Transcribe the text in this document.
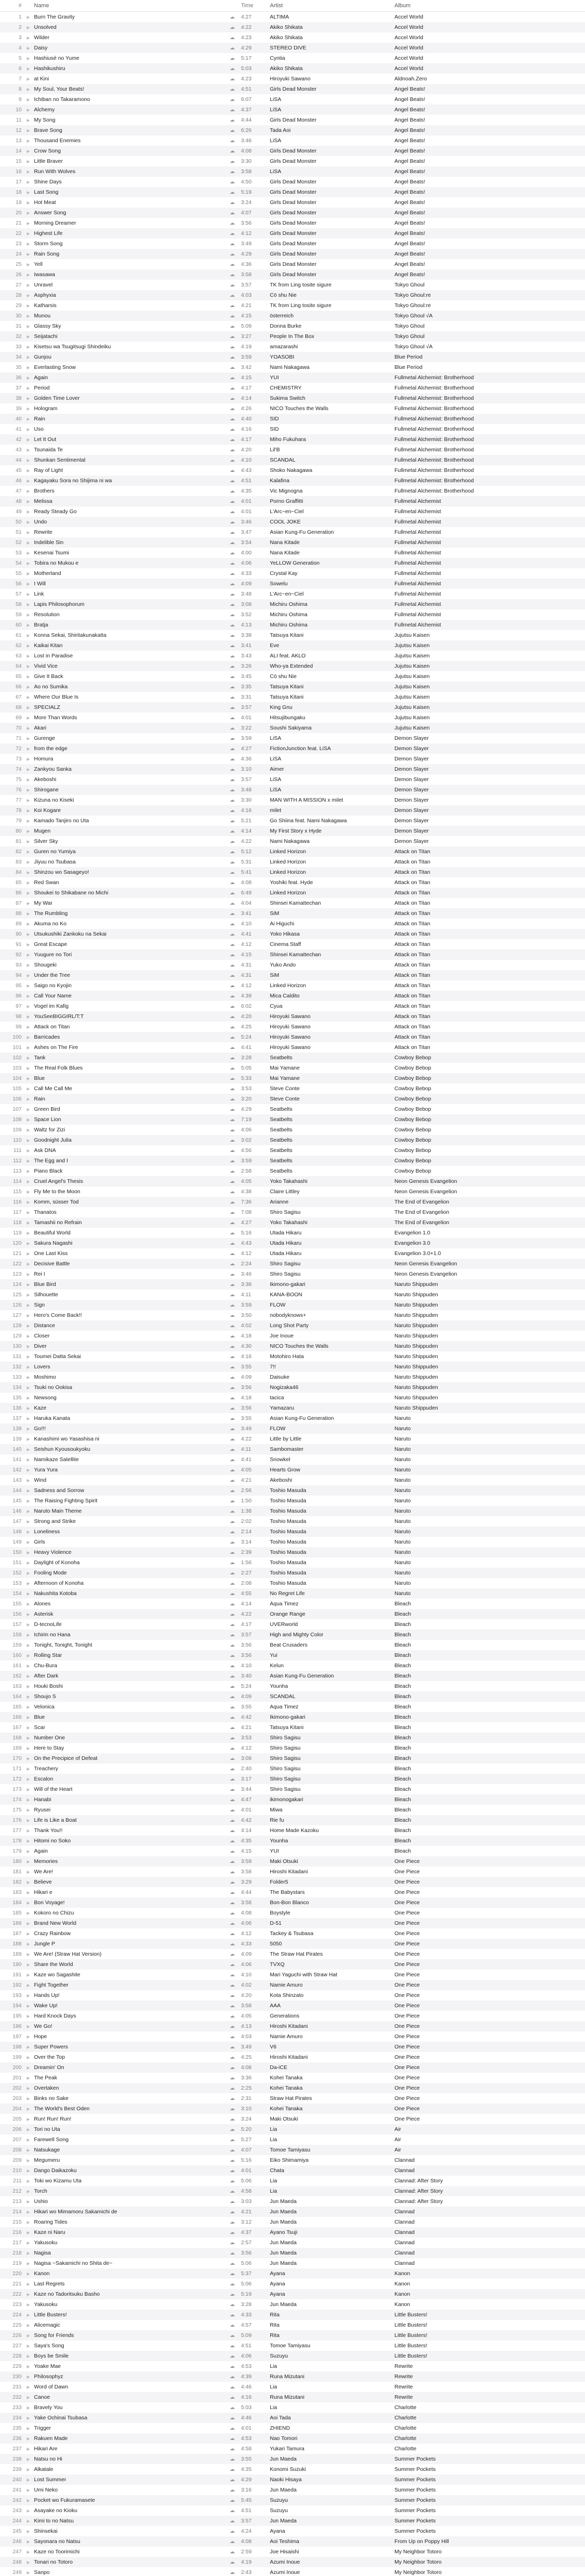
#	Name	Time	Artist	Album
1	▶ Burn The Gravity	☁	4:27	ALTIMA	Accel World
2	▶ Unsolved	☁	4:22	Akiko Shikata	Accel World
3	▶ Wilder	☁	4:23	Akiko Shikata	Accel World
4	▶ Daisy	☁	4:29	STEREO DIVE	Accel World
5	▶ Hashiusé no Yume	☁	5:17	Cyntia	Accel World
6	▶ Hashikushiru	☁	5:03	Akiko Shikata	Accel World
7	▶ at Kini	☁	4:23	Hiroyuki Sawano	Aldnoah.Zero
8	▶ My Soul, Your Beats!	☁	4:51	Girls Dead Monster	Angel Beats!
9	▶ Ichiban no Takaramono	☁	6:07	LiSA	Angel Beats!
10	▶ Alchemy	☁	4:37	LiSA	Angel Beats!
11	▶ My Song	☁	4:44	Girls Dead Monster	Angel Beats!
12	▶ Brave Song	☁	6:26	Tada Aoi	Angel Beats!
13	▶ Thousand Enemies	☁	3:46	LiSA	Angel Beats!
14	▶ Crow Song	☁	4:08	Girls Dead Monster	Angel Beats!
15	▶ Little Braver	☁	3:30	Girls Dead Monster	Angel Beats!
16	▶ Run With Wolves	☁	3:58	LiSA	Angel Beats!
17	▶ Shine Days	☁	4:50	Girls Dead Monster	Angel Beats!
18	▶ Last Song	☁	5:19	Girls Dead Monster	Angel Beats!
19	▶ Hot Meat	☁	3:24	Girls Dead Monster	Angel Beats!
20	▶ Answer Song	☁	4:07	Girls Dead Monster	Angel Beats!
21	▶ Morning Dreamer	☁	3:56	Girls Dead Monster	Angel Beats!
22	▶ Highest Life	☁	4:12	Girls Dead Monster	Angel Beats!
23	▶ Storm Song	☁	3:49	Girls Dead Monster	Angel Beats!
24	▶ Rain Song	☁	4:29	Girls Dead Monster	Angel Beats!
25	▶ Yell	☁	4:36	Girls Dead Monster	Angel Beats!
26	▶ Iwasawa	☁	3:58	Girls Dead Monster	Angel Beats!
27	▶ Unravel	☁	3:57	TK from Ling tosite sigure	Tokyo Ghoul
28	▶ Asphyxia	☁	4:03	Cö shu Nie	Tokyo Ghoul:re
29	▶ Katharsis	☁	4:21	TK from Ling tosite sigure	Tokyo Ghoul:re
30	▶ Munou	☁	4:15	österreich	Tokyo Ghoul √A
31	▶ Glassy Sky	☁	5:09	Donna Burke	Tokyo Ghoul
32	▶ Seijatachi	☁	3:27	People In The Box	Tokyo Ghoul
33	▶ Kisetsu wa Tsugitsugi Shindeiku	☁	4:19	amazarashi	Tokyo Ghoul √A
34	▶ Gunjou	☁	3:59	YOASOBI	Blue Period
35	▶ Everlasting Snow	☁	3:42	Nami Nakagawa	Blue Period
36	▶ Again	☁	4:15	YUI	Fullmetal Alchemist: Brotherhood
37	▶ Period	☁	4:17	CHEMISTRY	Fullmetal Alchemist: Brotherhood
38	▶ Golden Time Lover	☁	4:14	Sukima Switch	Fullmetal Alchemist: Brotherhood
39	▶ Hologram	☁	4:26	NICO Touches the Walls	Fullmetal Alchemist: Brotherhood
40	▶ Rain	☁	4:40	SID	Fullmetal Alchemist: Brotherhood
41	▶ Uso	☁	4:16	SID	Fullmetal Alchemist: Brotherhood
42	▶ Let It Out	☁	4:17	Miho Fukuhara	Fullmetal Alchemist: Brotherhood
43	▶ Tsunaida Te	☁	4:20	Lil'B	Fullmetal Alchemist: Brotherhood
44	▶ Shunkan Sentimental	☁	4:10	SCANDAL	Fullmetal Alchemist: Brotherhood
45	▶ Ray of Light	☁	4:43	Shoko Nakagawa	Fullmetal Alchemist: Brotherhood
46	▶ Kagayaku Sora no Shijima ni wa	☁	4:51	Kalafina	Fullmetal Alchemist: Brotherhood
47	▶ Brothers	☁	4:35	Vic Mignogna	Fullmetal Alchemist: Brotherhood
48	▶ Melissa	☁	4:01	Porno Graffitti	Fullmetal Alchemist
49	▶ Ready Steady Go	☁	4:01	L'Arc~en~Ciel	Fullmetal Alchemist
50	▶ Undo	☁	3:46	COOL JOKE	Fullmetal Alchemist
51	▶ Rewrite	☁	3:47	Asian Kung-Fu Generation	Fullmetal Alchemist
52	▶ Indelible Sin	☁	3:54	Nana Kitade	Fullmetal Alchemist
53	▶ Kesenai Tsumi	☁	4:00	Nana Kitade	Fullmetal Alchemist
54	▶ Tobira no Mukou e	☁	4:06	YeLLOW Generation	Fullmetal Alchemist
55	▶ Motherland	☁	4:33	Crystal Kay	Fullmetal Alchemist
56	▶ I Will	☁	4:09	Sowelu	Fullmetal Alchemist
57	▶ Link	☁	3:48	L'Arc~en~Ciel	Fullmetal Alchemist
58	▶ Lapis Philosophorum	☁	3:08	Michiru Oshima	Fullmetal Alchemist
59	▶ Resolution	☁	3:52	Michiru Oshima	Fullmetal Alchemist
60	▶ Bratja	☁	4:13	Michiru Oshima	Fullmetal Alchemist
61	▶ Konna Sekai, Shiritakunakatta	☁	3:38	Tatsuya Kitani	Jujutsu Kaisen
62	▶ Kaikai Kitan	☁	3:41	Eve	Jujutsu Kaisen
63	▶ Lost in Paradise	☁	3:43	ALI feat. AKLO	Jujutsu Kaisen
64	▶ Vivid Vice	☁	3:26	Who-ya Extended	Jujutsu Kaisen
65	▶ Give It Back	☁	3:45	Cö shu Nie	Jujutsu Kaisen
66	▶ Ao no Sumika	☁	3:35	Tatsuya Kitani	Jujutsu Kaisen
67	▶ Where Our Blue Is	☁	3:31	Tatsuya Kitani	Jujutsu Kaisen
68	▶ SPECIALZ	☁	3:57	King Gnu	Jujutsu Kaisen
69	▶ More Than Words	☁	4:01	Hitsujibungaku	Jujutsu Kaisen
70	▶ Akari	☁	3:22	Soushi Sakiyama	Jujutsu Kaisen
71	▶ Gurenge	☁	3:59	LiSA	Demon Slayer
72	▶ from the edge	☁	4:27	FictionJunction feat. LiSA	Demon Slayer
73	▶ Homura	☁	4:36	LiSA	Demon Slayer
74	▶ Zankyou Sanka	☁	3:10	Aimer	Demon Slayer
75	▶ Akeboshi	☁	3:57	LiSA	Demon Slayer
76	▶ Shirogane	☁	3:48	LiSA	Demon Slayer
77	▶ Kizuna no Kiseki	☁	3:30	MAN WITH A MISSION x milet	Demon Slayer
78	▶ Koi Kogare	☁	4:16	milet	Demon Slayer
79	▶ Kamado Tanjiro no Uta	☁	5:21	Go Shiina feat. Nami Nakagawa	Demon Slayer
80	▶ Mugen	☁	4:14	My First Story x Hyde	Demon Slayer
81	▶ Silver Sky	☁	4:22	Nami Nakagawa	Demon Slayer
82	▶ Guren no Yumiya	☁	5:12	Linked Horizon	Attack on Titan
83	▶ Jiyuu no Tsubasa	☁	5:31	Linked Horizon	Attack on Titan
84	▶ Shinzou wo Sasageyo!	☁	5:41	Linked Horizon	Attack on Titan
85	▶ Red Swan	☁	4:08	Yoshiki feat. Hyde	Attack on Titan
86	▶ Shoukei to Shikabane no Michi	☁	6:49	Linked Horizon	Attack on Titan
87	▶ My War	☁	4:04	Shinsei Kamattechan	Attack on Titan
88	▶ The Rumbling	☁	3:41	SiM	Attack on Titan
89	▶ Akuma no Ko	☁	4:10	Ai Higuchi	Attack on Titan
90	▶ Utsukushiki Zankoku na Sekai	☁	4:41	Yoko Hikasa	Attack on Titan
91	▶ Great Escape	☁	4:12	Cinema Staff	Attack on Titan
92	▶ Yuugure no Tori	☁	4:15	Shinsei Kamattechan	Attack on Titan
93	▶ Shougeki	☁	4:31	Yuko Ando	Attack on Titan
94	▶ Under the Tree	☁	4:31	SiM	Attack on Titan
95	▶ Saigo no Kyojin	☁	4:12	Linked Horizon	Attack on Titan
96	▶ Call Your Name	☁	4:39	Mica Caldito	Attack on Titan
97	▶ Vogel im Kafig	☁	6:02	Cyua	Attack on Titan
98	▶ YouSeeBIGGIRL/T:T	☁	4:20	Hiroyuki Sawano	Attack on Titan
99	▶ Attack on Titan	☁	4:25	Hiroyuki Sawano	Attack on Titan
100	▶ Barricades	☁	5:24	Hiroyuki Sawano	Attack on Titan
101	▶ Ashes on The Fire	☁	4:41	Hiroyuki Sawano	Attack on Titan
102	▶ Tank	☁	3:28	Seatbelts	Cowboy Bebop
103	▶ The Real Folk Blues	☁	5:05	Mai Yamane	Cowboy Bebop
104	▶ Blue	☁	5:33	Mai Yamane	Cowboy Bebop
105	▶ Call Me Call Me	☁	3:53	Steve Conte	Cowboy Bebop
106	▶ Rain	☁	3:20	Steve Conte	Cowboy Bebop
107	▶ Green Bird	☁	4:29	Seatbelts	Cowboy Bebop
108	▶ Space Lion	☁	7:19	Seatbelts	Cowboy Bebop
109	▶ Waltz for Zizi	☁	4:06	Seatbelts	Cowboy Bebop
110	▶ Goodnight Julia	☁	3:02	Seatbelts	Cowboy Bebop
111	▶ Ask DNA	☁	4:56	Seatbelts	Cowboy Bebop
112	▶ The Egg and I	☁	3:59	Seatbelts	Cowboy Bebop
113	▶ Piano Black	☁	2:58	Seatbelts	Cowboy Bebop
114	▶ Cruel Angel's Thesis	☁	4:05	Yoko Takahashi	Neon Genesis Evangelion
115	▶ Fly Me to the Moon	☁	4:38	Claire Littley	Neon Genesis Evangelion
116	▶ Komm, süsser Tod	☁	7:36	Arianne	The End of Evangelion
117	▶ Thanatos	☁	7:08	Shiro Sagisu	The End of Evangelion
118	▶ Tamashii no Refrain	☁	4:27	Yoko Takahashi	The End of Evangelion
119	▶ Beautiful World	☁	5:16	Utada Hikaru	Evangelion 1.0
120	▶ Sakura Nagashi	☁	4:43	Utada Hikaru	Evangelion 3.0
121	▶ One Last Kiss	☁	4:12	Utada Hikaru	Evangelion 3.0+1.0
122	▶ Decisive Battle	☁	2:24	Shiro Sagisu	Neon Genesis Evangelion
123	▶ Rei I	☁	3:46	Shiro Sagisu	Neon Genesis Evangelion
124	▶ Blue Bird	☁	3:38	Ikimono-gakari	Naruto Shippuden
125	▶ Silhouette	☁	4:11	KANA-BOON	Naruto Shippuden
126	▶ Sign	☁	3:59	FLOW	Naruto Shippuden
127	▶ Hero's Come Back!!	☁	3:50	nobodyknows+	Naruto Shippuden
128	▶ Distance	☁	4:02	Long Shot Party	Naruto Shippuden
129	▶ Closer	☁	4:18	Joe Inoue	Naruto Shippuden
130	▶ Diver	☁	4:30	NICO Touches the Walls	Naruto Shippuden
131	▶ Toumei Datta Sekai	☁	4:16	Motohiro Hata	Naruto Shippuden
132	▶ Lovers	☁	3:55	7!!	Naruto Shippuden
133	▶ Moshimo	☁	4:09	Daisuke	Naruto Shippuden
134	▶ Tsuki no Ookisa	☁	3:56	Nogizaka46	Naruto Shippuden
135	▶ Newsong	☁	4:18	tacica	Naruto Shippuden
136	▶ Kaze	☁	3:56	Yamazaru	Naruto Shippuden
137	▶ Haruka Kanata	☁	3:55	Asian Kung-Fu Generation	Naruto
138	▶ Go!!!	☁	3:49	FLOW	Naruto
139	▶ Kanashimi wo Yasashisa ni	☁	4:22	Little by Little	Naruto
140	▶ Seishun Kyousoukyoku	☁	4:11	Sambomaster	Naruto
141	▶ Namikaze Satellite	☁	4:41	Snowkel	Naruto
142	▶ Yura Yura	☁	4:05	Hearts Grow	Naruto
143	▶ Wind	☁	4:21	Akeboshi	Naruto
144	▶ Sadness and Sorrow	☁	2:56	Toshio Masuda	Naruto
145	▶ The Raising Fighting Spirit	☁	1:50	Toshio Masuda	Naruto
146	▶ Naruto Main Theme	☁	1:38	Toshio Masuda	Naruto
147	▶ Strong and Strike	☁	2:02	Toshio Masuda	Naruto
148	▶ Loneliness	☁	2:14	Toshio Masuda	Naruto
149	▶ Girls	☁	3:14	Toshio Masuda	Naruto
150	▶ Heavy Violence	☁	2:39	Toshio Masuda	Naruto
151	▶ Daylight of Konoha	☁	1:56	Toshio Masuda	Naruto
152	▶ Fooling Mode	☁	2:27	Toshio Masuda	Naruto
153	▶ Afternoon of Konoha	☁	2:08	Toshio Masuda	Naruto
154	▶ Nakushita Kotoba	☁	4:55	No Regret Life	Naruto
155	▶ Alones	☁	4:14	Aqua Timez	Bleach
156	▶ Asterisk	☁	4:22	Orange Range	Bleach
157	▶ D-tecnoLife	☁	4:17	UVERworld	Bleach
158	▶ Ichirin no Hana	☁	3:57	High and Mighty Color	Bleach
159	▶ Tonight, Tonight, Tonight	☁	3:56	Beat Crusaders	Bleach
160	▶ Rolling Star	☁	3:56	Yui	Bleach
161	▶ Chu-Bura	☁	4:10	Kelun	Bleach
162	▶ After Dark	☁	3:40	Asian Kung-Fu Generation	Bleach
163	▶ Houki Boshi	☁	5:24	Younha	Bleach
164	▶ Shoujo S	☁	4:09	SCANDAL	Bleach
165	▶ Velonica	☁	3:55	Aqua Timez	Bleach
166	▶ Blue	☁	4:42	Ikimono-gakari	Bleach
167	▶ Scar	☁	4:21	Tatsuya Kitani	Bleach
168	▶ Number One	☁	3:53	Shiro Sagisu	Bleach
169	▶ Here to Stay	☁	4:12	Shiro Sagisu	Bleach
170	▶ On the Precipice of Defeat	☁	3:08	Shiro Sagisu	Bleach
171	▶ Treachery	☁	2:40	Shiro Sagisu	Bleach
172	▶ Escalon	☁	3:17	Shiro Sagisu	Bleach
173	▶ Will of the Heart	☁	3:44	Shiro Sagisu	Bleach
174	▶ Hanabi	☁	4:47	ikimonogakari	Bleach
175	▶ Ryusei	☁	4:01	Miwa	Bleach
176	▶ Life is Like a Boat	☁	4:42	Rie fu	Bleach
177	▶ Thank You!!	☁	4:14	Home Made Kazoku	Bleach
178	▶ Hitomi no Soko	☁	4:35	Younha	Bleach
179	▶ Again	☁	4:15	YUI	Bleach
180	▶ Memories	☁	3:59	Maki Otsuki	One Piece
181	▶ We Are!	☁	3:58	Hiroshi Kitadani	One Piece
182	▶ Believe	☁	3:29	Folder5	One Piece
183	▶ Hikari e	☁	4:44	The Babystars	One Piece
184	▶ Bon Voyage!	☁	3:58	Bon-Bon Blanco	One Piece
185	▶ Kokoro no Chizu	☁	4:08	Boystyle	One Piece
186	▶ Brand New World	☁	4:06	D-51	One Piece
187	▶ Crazy Rainbow	☁	4:12	Tackey & Tsubasa	One Piece
188	▶ Jungle P	☁	4:33	5050	One Piece
189	▶ We Are! (Straw Hat Version)	☁	4:09	The Straw Hat Pirates	One Piece
190	▶ Share the World	☁	4:06	TVXQ	One Piece
191	▶ Kaze wo Sagashite	☁	4:10	Mari Yaguchi with Straw Hat	One Piece
192	▶ Fight Together	☁	4:02	Namie Amuro	One Piece
193	▶ Hands Up!	☁	4:20	Kota Shinzato	One Piece
194	▶ Wake Up!	☁	3:58	AAA	One Piece
195	▶ Hard Knock Days	☁	4:05	Generations	One Piece
196	▶ We Go!	☁	4:13	Hiroshi Kitadani	One Piece
197	▶ Hope	☁	4:03	Namie Amuro	One Piece
198	▶ Super Powers	☁	3:49	V6	One Piece
199	▶ Over the Top	☁	4:25	Hiroshi Kitadani	One Piece
200	▶ Dreamin' On	☁	4:08	Da-iCE	One Piece
201	▶ The Peak	☁	3:36	Kohei Tanaka	One Piece
202	▶ Overtaken	☁	2:25	Kohei Tanaka	One Piece
203	▶ Binks no Sake	☁	2:31	Straw Hat Pirates	One Piece
204	▶ The World's Best Oden	☁	3:10	Kohei Tanaka	One Piece
205	▶ Run! Run! Run!	☁	3:24	Maki Otsuki	One Piece
206	▶ Tori no Uta	☁	5:20	Lia	Air
207	▶ Farewell Song	☁	5:27	Lia	Air
208	▶ Natsukage	☁	4:07	Tomoe Tamiyasu	Air
209	▶ Megumeru	☁	5:16	Eiko Shimamiya	Clannad
210	▶ Dango Daikazoku	☁	4:01	Chata	Clannad
211	▶ Toki wo Kizamu Uta	☁	5:06	Lia	Clannad: After Story
212	▶ Torch	☁	4:58	Lia	Clannad: After Story
213	▶ Ushio	☁	3:03	Jun Maeda	Clannad: After Story
214	▶ Hikari wo Mimamoru Sakamichi de	☁	4:21	Jun Maeda	Clannad
215	▶ Roaring Tides	☁	3:12	Jun Maeda	Clannad
216	▶ Kaze ni Naru	☁	4:37	Ayano Tsuji	Clannad
217	▶ Yakusoku	☁	2:57	Jun Maeda	Clannad
218	▶ Nagisa	☁	3:56	Jun Maeda	Clannad
219	▶ Nagisa ~Sakamichi no Shita de~	☁	5:06	Jun Maeda	Clannad
220	▶ Kanon	☁	5:37	Ayana	Kanon
221	▶ Last Regrets	☁	5:06	Ayana	Kanon
222	▶ Kaze no Tadoritsuku Basho	☁	5:19	Ayana	Kanon
223	▶ Yakusoku	☁	3:28	Jun Maeda	Kanon
224	▶ Little Busters!	☁	4:33	Rita	Little Busters!
225	▶ Alicemagic	☁	4:57	Rita	Little Busters!
226	▶ Song for Friends	☁	5:09	Rita	Little Busters!
227	▶ Saya's Song	☁	4:51	Tomoe Tamiyasu	Little Busters!
228	▶ Boys be Smile	☁	4:06	Suzuyu	Little Busters!
229	▶ Yoake Mae	☁	4:53	Lia	Rewrite
230	▶ Philosophyz	☁	4:39	Runa Mizutani	Rewrite
231	▶ Word of Dawn	☁	4:46	Lia	Rewrite
232	▶ Canoe	☁	4:16	Runa Mizutani	Rewrite
233	▶ Bravely You	☁	5:03	Lia	Charlotte
234	▶ Yake Ochinai Tsubasa	☁	4:46	Aoi Tada	Charlotte
235	▶ Trigger	☁	4:01	ZHIEND	Charlotte
236	▶ Rakuen Made	☁	4:53	Nao Tomori	Charlotte
237	▶ Hikari Are	☁	4:58	Yukari Tamura	Charlotte
238	▶ Natsu no Hi	☁	3:55	Jun Maeda	Summer Pockets
239	▶ Alkatale	☁	4:35	Konomi Suzuki	Summer Pockets
240	▶ Lost Summer	☁	4:29	Naoki Hisaya	Summer Pockets
241	▶ Umi Neko	☁	3:16	Jun Maeda	Summer Pockets
242	▶ Pocket wo Fukuramasete	☁	5:45	Suzuyu	Summer Pockets
243	▶ Asayake no Kioku	☁	4:51	Suzuyu	Summer Pockets
244	▶ Kimi to no Natsu	☁	3:57	Jun Maeda	Summer Pockets
245	▶ Shinsekai	☁	4:24	Ayana	Summer Pockets
246	▶ Sayonara no Natsu	☁	4:08	Aoi Teshima	From Up on Poppy Hill
247	▶ Kaze no Toorimichi	☁	2:59	Joe Hisaishi	My Neighbor Totoro
248	▶ Tonari no Totoro	☁	4:19	Azumi Inoue	My Neighbor Totoro
249	▶ Sanpo	☁	2:43	Azumi Inoue	My Neighbor Totoro
